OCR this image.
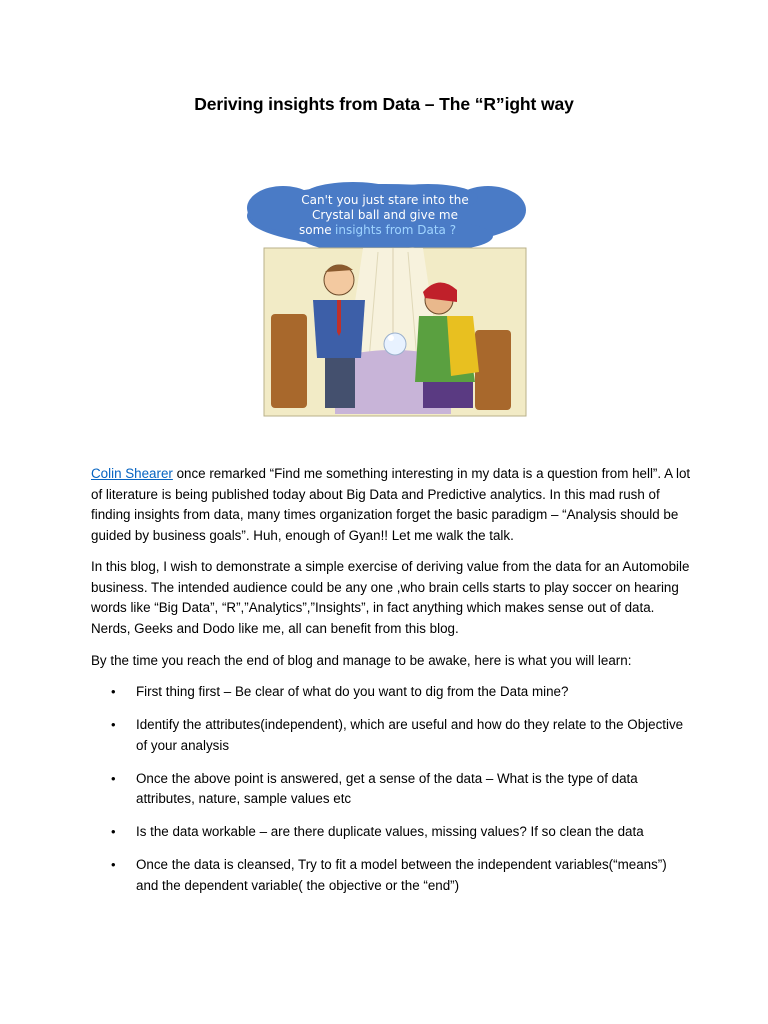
Deriving insights from Data – The “R”ight way
Can't you just stare into the
Crystal ball and give me
some insights from Data ?

Colin Shearer once remarked “Find me something interesting in my data is a question from hell”. A lot of literature is being published today about Big Data and Predictive analytics. In this mad rush of finding insights from data, many times organization forget the basic paradigm – “Analysis should be guided by business goals”. Huh, enough of Gyan!! Let me walk the talk.

In this blog, I wish to demonstrate a simple exercise of deriving value from the data for an Automobile business. The intended audience could be any one ,who brain cells starts to play soccer on hearing words like “Big Data”, “R”,”Analytics”,”Insights”, in fact anything which makes sense out of data. Nerds, Geeks and Dodo like me, all can benefit from this blog.

By the time you reach the end of blog and manage to be awake, here is what you will learn:

• First thing first – Be clear of what do you want to dig from the Data mine?
• Identify the attributes(independent), which are useful and how do they relate to the Objective of your analysis
• Once the above point is answered, get a sense of the data – What is the type of data attributes, nature, sample values etc
• Is the data workable – are there duplicate values, missing values? If so clean the data
• Once the data is cleansed, Try to fit a model between the independent variables(“means”) and the dependent variable( the objective or the “end”)
